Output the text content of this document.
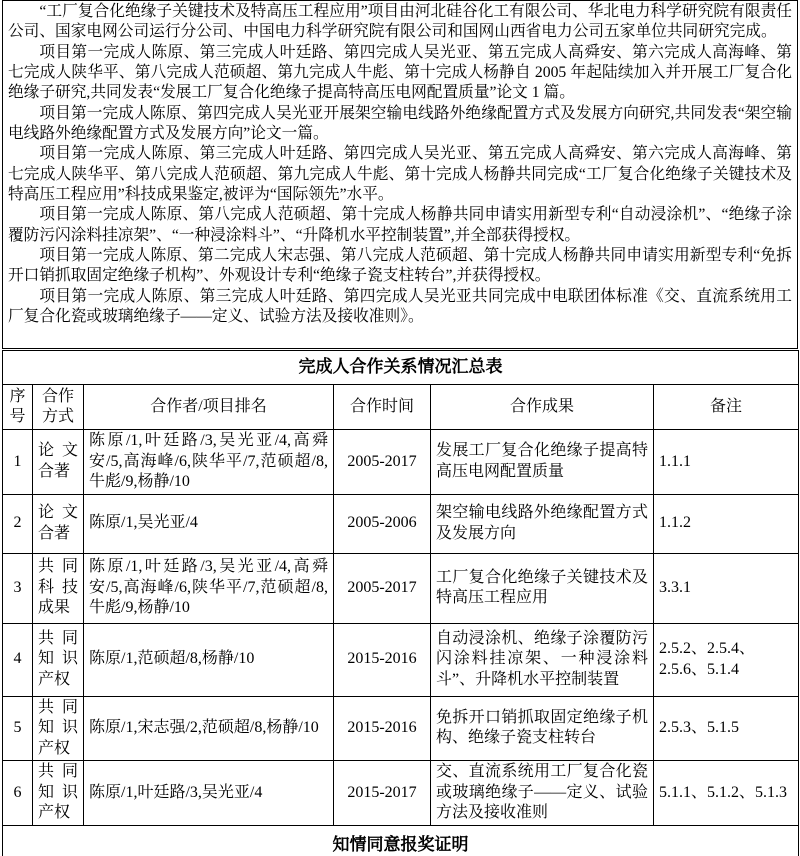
“工厂复合化绝缘子关键技术及特高压工程应用”项目由河北硅谷化工有限公司、华北电力科学研究院有限责任公司、国家电网公司运行分公司、中国电力科学研究院有限公司和国网山西省电力公司五家单位共同研究完成。

项目第一完成人陈原、第三完成人叶廷路、第四完成人吴光亚、第五完成人高舜安、第六完成人高海峰、第七完成人陕华平、第八完成人范硕超、第九完成人牛彪、第十完成人杨静自 2005 年起陆续加入并开展工厂复合化绝缘子研究,共同发表“发展工厂复合化绝缘子提高特高压电网配置质量”论文 1 篇。

项目第一完成人陈原、第四完成人吴光亚开展架空输电线路外绝缘配置方式及发展方向研究,共同发表“架空输电线路外绝缘配置方式及发展方向”论文一篇。

项目第一完成人陈原、第三完成人叶廷路、第四完成人吴光亚、第五完成人高舜安、第六完成人高海峰、第七完成人陕华平、第八完成人范硕超、第九完成人牛彪、第十完成人杨静共同完成“工厂复合化绝缘子关键技术及特高压工程应用”科技成果鉴定,被评为“国际领先”水平。

项目第一完成人陈原、第八完成人范硕超、第十完成人杨静共同申请实用新型专利“自动浸涂机”、“绝缘子涂覆防污闪涂料挂凉架”、“一种浸涂料斗”、“升降机水平控制装置”,并全部获得授权。

项目第一完成人陈原、第二完成人宋志强、第八完成人范硕超、第十完成人杨静共同申请实用新型专利“免拆开口销抓取固定绝缘子机构”、外观设计专利“绝缘子瓷支柱转台”,并获得授权。

项目第一完成人陈原、第三完成人叶廷路、第四完成人吴光亚共同完成中电联团体标准《交、直流系统用工厂复合化瓷或玻璃绝缘子——定义、试验方法及接收准则》。

完成人合作关系情况汇总表					
序号	合作方式	合作者/项目排名	合作时间	合作成果	备注
1	论文合著	陈原/1,叶廷路/3,吴光亚/4,高舜安/5,高海峰/6,陕华平/7,范硕超/8,牛彪/9,杨静/10	2005-2017	发展工厂复合化绝缘子提高特高压电网配置质量	1.1.1
2	论文合著	陈原/1,吴光亚/4	2005-2006	架空输电线路外绝缘配置方式及发展方向	1.1.2
3	共同科技成果	陈原/1,叶廷路/3,吴光亚/4,高舜安/5,高海峰/6,陕华平/7,范硕超/8,牛彪/9,杨静/10	2005-2017	工厂复合化绝缘子关键技术及特高压工程应用	3.3.1
4	共同知识产权	陈原/1,范硕超/8,杨静/10	2015-2016	自动浸涂机、绝缘子涂覆防污闪涂料挂凉架、一种浸涂料斗”、升降机水平控制装置	2.5.2、2.5.4、2.5.6、5.1.4
5	共同知识产权	陈原/1,宋志强/2,范硕超/8,杨静/10	2015-2016	免拆开口销抓取固定绝缘子机构、绝缘子瓷支柱转台	2.5.3、5.1.5
6	共同知识产权	陈原/1,叶廷路/3,吴光亚/4	2015-2017	交、直流系统用工厂复合化瓷或玻璃绝缘子——定义、试验方法及接收准则	5.1.1、5.1.2、5.1.3
知情同意报奖证明					
